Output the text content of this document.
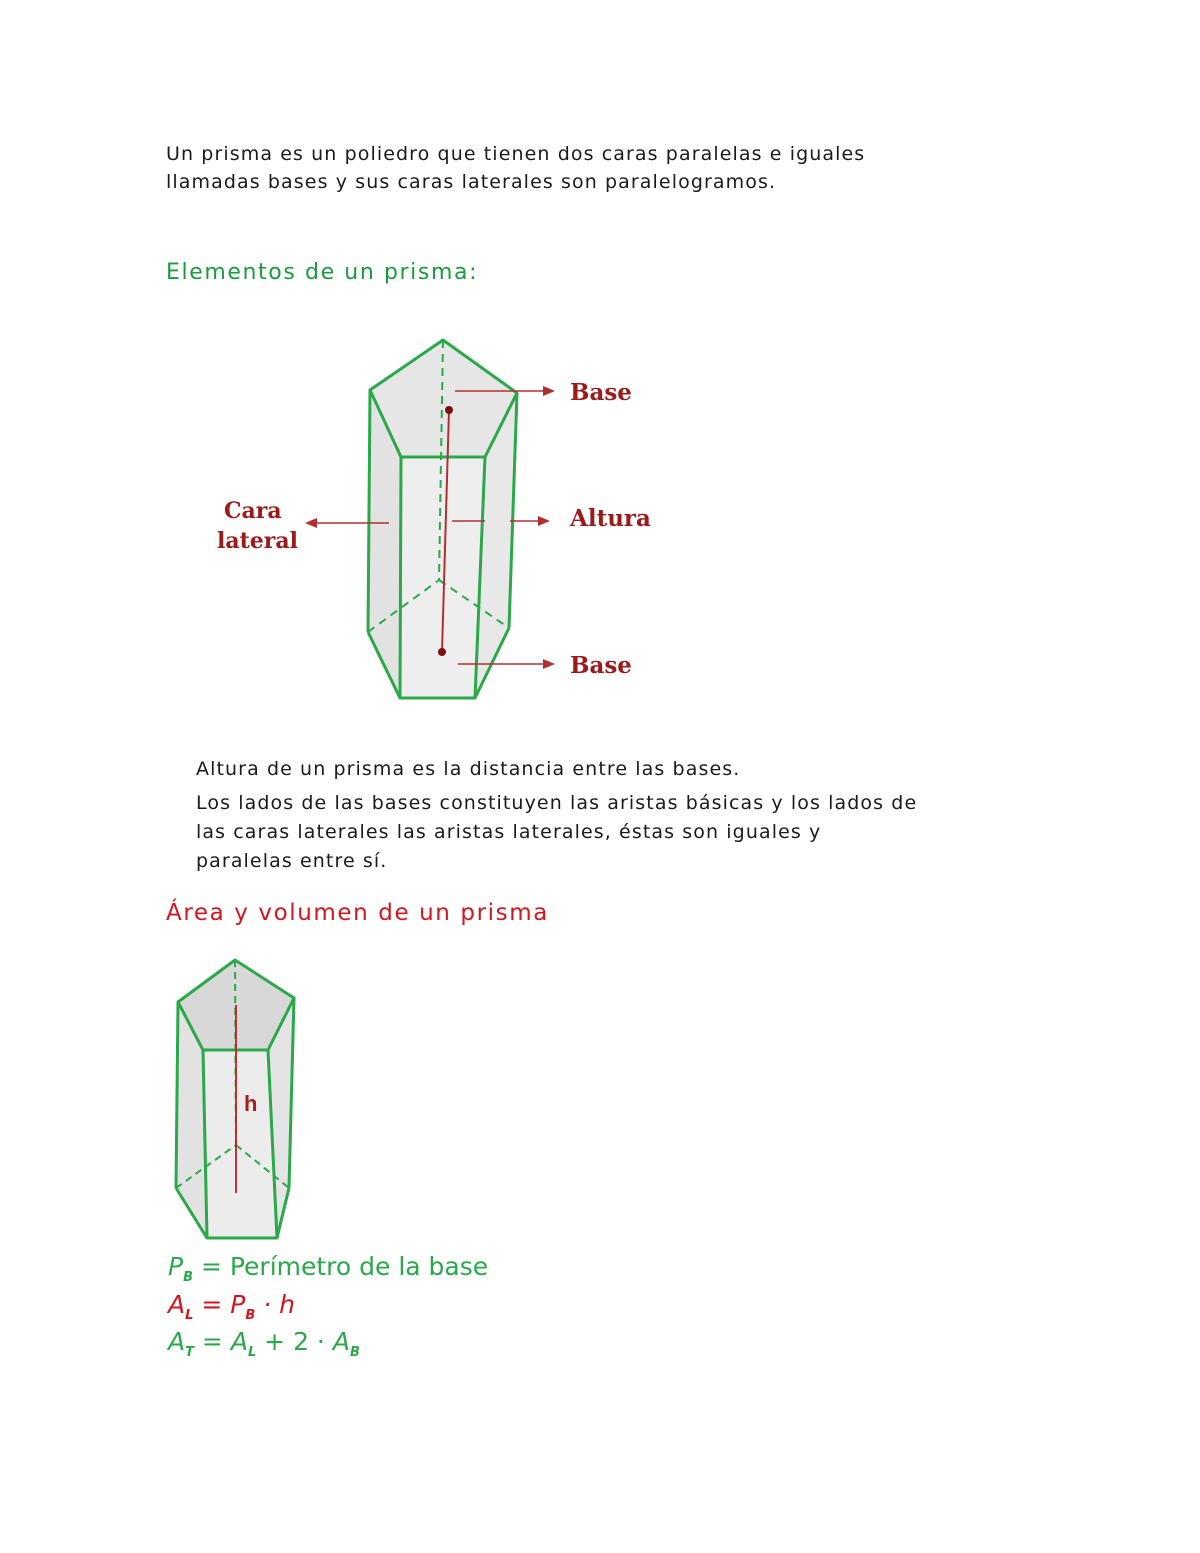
Un prisma es un poliedro que tienen dos caras paralelas e iguales
llamadas bases y sus caras laterales son paralelogramos.

Elementos de un prisma:
Base
Altura
Base
Cara
lateral

Altura de un prisma es la distancia entre las bases.

Los lados de las bases constituyen las aristas básicas y los lados de
las caras laterales las aristas laterales, éstas son iguales y
paralelas entre sí.

Área y volumen de un prisma
h

$P_B$ = Perímetro de la base

$A_L = P_B \cdot h$

$A_T = A_L + 2 \cdot A_B$
